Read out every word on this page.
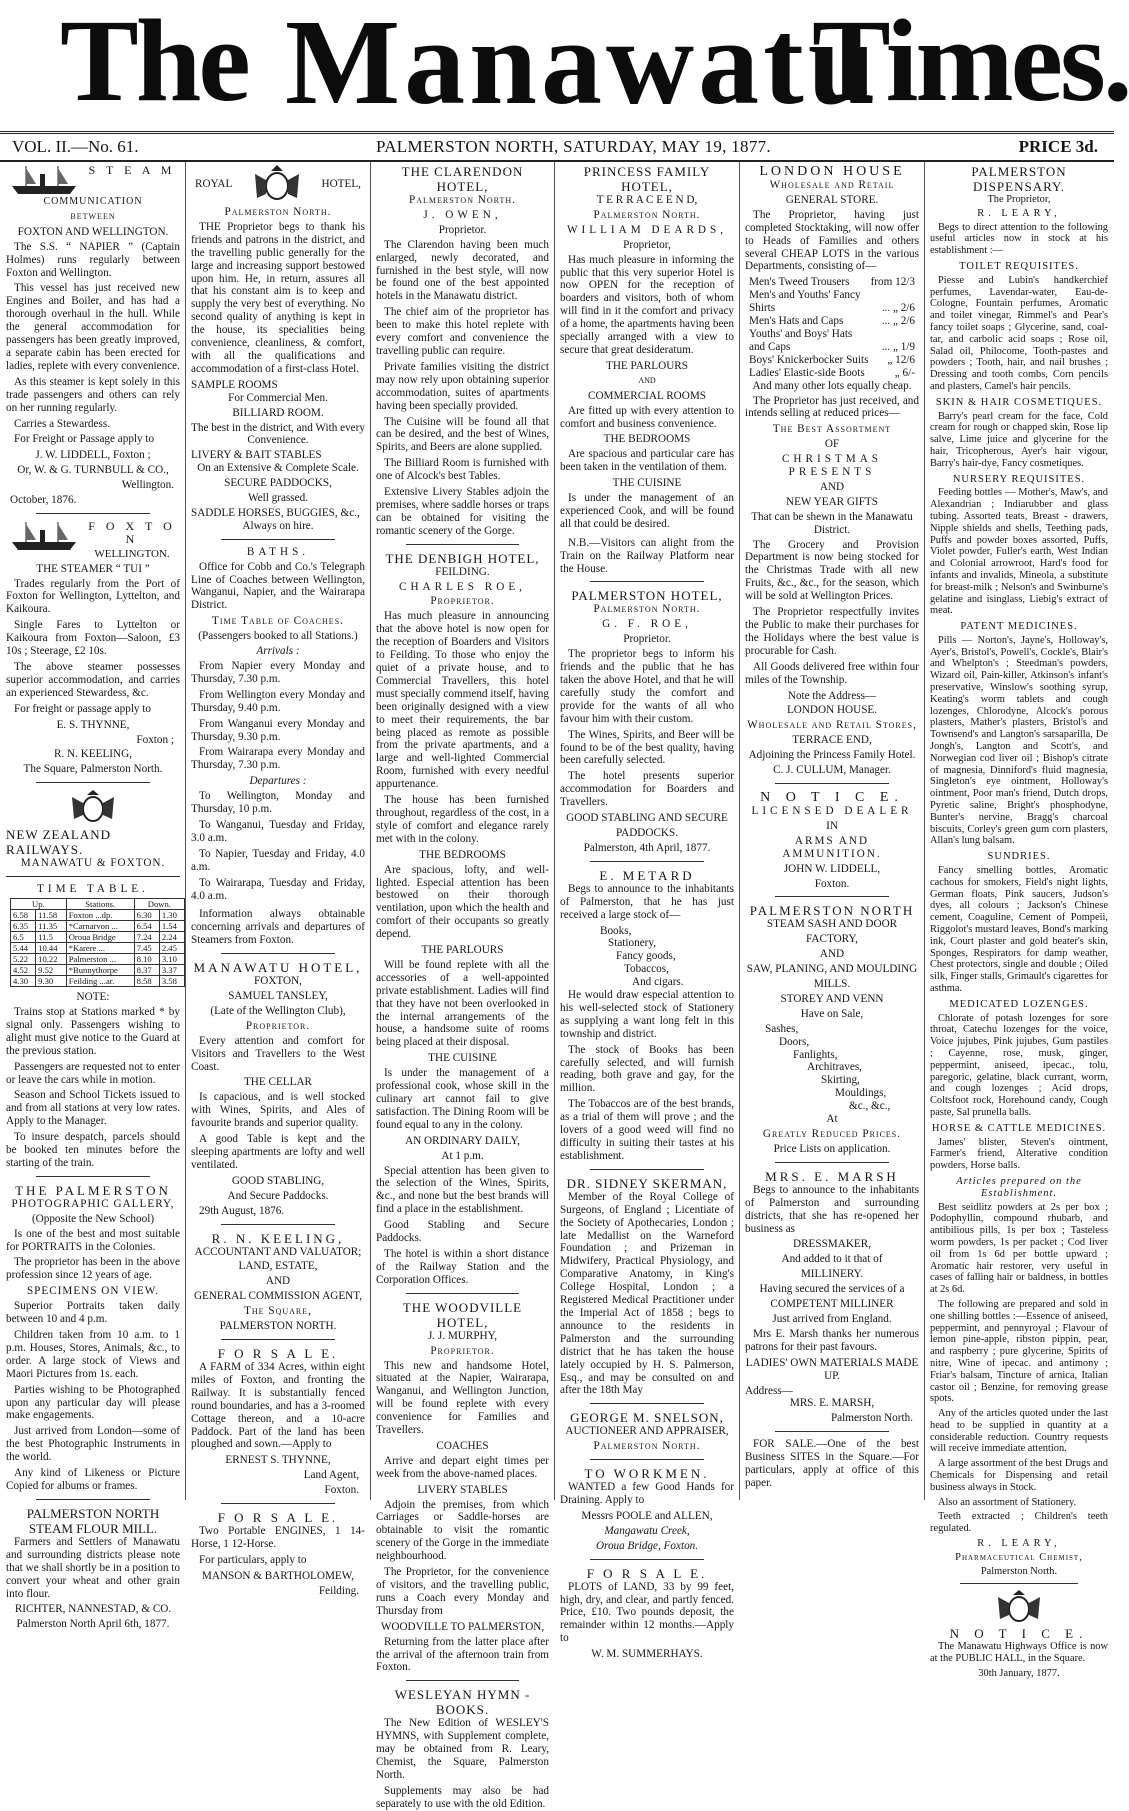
The Manawatu
Times.
VOL. II.—No. 61.	PALMERSTON NORTH, SATURDAY, MAY 19, 1877.	PRICE 3d.
S T E A M
COMMUNICATION
BETWEEN
FOXTON AND WELLINGTON.

The S.S. “ NAPIER ” (Captain Holmes) runs regularly between Foxton and Wellington.

This vessel has just received new Engines and Boiler, and has had a thorough overhaul in the hull. While the general accommodation for passengers has been greatly improved, a separate cabin has been erected for ladies, replete with every convenience.

As this steamer is kept solely in this trade passengers and others can rely on her running regularly.

Carries a Stewardess.

For Freight or Passage apply to

J. W. LIDDELL, Foxton ;
Or, W. & G. TURNBULL & CO.,
Wellington.
October, 1876.
F O X T O N
WELLINGTON.
THE STEAMER “ TUI ”

Trades regularly from the Port of Foxton for Wellington, Lyttelton, and Kaikoura.

Single Fares to Lyttelton or Kaikoura from Foxton—Saloon, £3 10s ; Steerage, £2 10s.

The above steamer possesses superior accommodation, and carries an experienced Stewardess, &c.

For freight or passage apply to

E. S. THYNNE,
Foxton ;
R. N. KEELING,
The Square, Palmerston North.
NEW ZEALAND RAILWAYS.
MANAWATU & FOXTON.
TIME TABLE.
Up.		Stations.	Down.	
6.58	11.58	Foxton ...dp.	6.30	1.30
6.35	11.35	*Carnarvon ...	6.54	1.54
6.5	11.5	Oroua Bridge	7.24	2.24
5.44	10.44	*Karere ...	7.45	2.45
5.22	10.22	Palmerston ...	8.10	3.10
4.52	9.52	*Bunnythorpe	8.37	3.37
4.30	9.30	Feilding ...ar.	8.58	3.58
NOTE:

Trains stop at Stations marked * by signal only. Passengers wishing to alight must give notice to the Guard at the previous station.

Passengers are requested not to enter or leave the cars while in motion.

Season and School Tickets issued to and from all stations at very low rates. Apply to the Manager.

To insure despatch, parcels should be booked ten minutes before the starting of the train.

THE PALMERSTON
PHOTOGRAPHIC GALLERY,
(Opposite the New School)

Is one of the best and most suitable for PORTRAITS in the Colonies.

The proprietor has been in the above profession since 12 years of age.

SPECIMENS ON VIEW.

Superior Portraits taken daily between 10 and 4 p.m.

Children taken from 10 a.m. to 1 p.m. Houses, Stores, Animals, &c., to order. A large stock of Views and Maori Pictures from 1s. each.

Parties wishing to be Photographed upon any particular day will please make engagements.

Just arrived from London—some of the best Photographic Instruments in the world.

Any kind of Likeness or Picture Copied for albums or frames.

PALMERSTON NORTH STEAM FLOUR MILL.

Farmers and Settlers of Manawatu and surrounding districts please note that we shall shortly be in a position to convert your wheat and other grain into flour.

RICHTER, NANNESTAD, & CO.
Palmerston North April 6th, 1877.
ROYAL	HOTEL,
Palmerston North.

THE Proprietor begs to thank his friends and patrons in the district, and the travelling public generally for the large and increasing support bestowed upon him. He, in return, assures all that his constant aim is to keep and supply the very best of everything. No second quality of anything is kept in the house, its specialities being convenience, cleanliness, & comfort, with all the qualifications and accommodation of a first-class Hotel.

SAMPLE ROOMS
For Commercial Men.
BILLIARD ROOM.
The best in the district, and With every Convenience.
LIVERY & BAIT STABLES
On an Extensive & Complete Scale.
SECURE PADDOCKS,
Well grassed.
SADDLE HORSES, BUGGIES, &c.,
Always on hire.
BATHS.

Office for Cobb and Co.'s Telegraph Line of Coaches between Wellington, Wanganui, Napier, and the Wairarapa District.

Time Table of Coaches.
(Passengers booked to all Stations.)
Arrivals :

From Napier every Monday and Thursday, 7.30 p.m.

From Wellington every Monday and Thursday, 9.40 p.m.

From Wanganui every Monday and Thursday, 9.30 p.m.

From Wairarapa every Monday and Thursday, 7.30 p.m.

Departures :

To Wellington, Monday and Thursday, 10 p.m.

To Wanganui, Tuesday and Friday, 3.0 a.m.

To Napier, Tuesday and Friday, 4.0 a.m.

To Wairarapa, Tuesday and Friday, 4.0 a.m.

Information always obtainable concerning arrivals and departures of Steamers from Foxton.

MANAWATU HOTEL,
FOXTON,
SAMUEL TANSLEY,
(Late of the Wellington Club),
Proprietor.

Every attention and comfort for Visitors and Travellers to the West Coast.

THE CELLAR

Is capacious, and is well stocked with Wines, Spirits, and Ales of favourite brands and superior quality.

A good Table is kept and the sleeping apartments are lofty and well ventilated.

GOOD STABLING,
And Secure Paddocks.
29th August, 1876.
R. N. KEELING,
ACCOUNTANT AND VALUATOR;
LAND, ESTATE,
AND
GENERAL COMMISSION AGENT,
The Square,
PALMERSTON NORTH.
F O R S A L E.

A FARM of 334 Acres, within eight miles of Foxton, and fronting the Railway. It is substantially fenced round boundaries, and has a 3-roomed Cottage thereon, and a 10-acre Paddock. Part of the land has been ploughed and sown.—Apply to

ERNEST S. THYNNE,
Land Agent,
Foxton.
F O R S A L E.

Two Portable ENGINES, 1 14-Horse, 1 12-Horse.

For particulars, apply to

MANSON & BARTHOLOMEW,
Feilding.
THE CLARENDON HOTEL,
Palmerston North.
J. OWEN,
Proprietor.

The Clarendon having been much enlarged, newly decorated, and furnished in the best style, will now be found one of the best appointed hotels in the Manawatu district.

The chief aim of the proprietor has been to make this hotel replete with every comfort and convenience the travelling public can require.

Private families visiting the district may now rely upon obtaining superior accommodation, suites of apartments having been specially provided.

The Cuisine will be found all that can be desired, and the best of Wines, Spirits, and Beers are alone supplied.

The Billiard Room is furnished with one of Alcock's best Tables.

Extensive Livery Stables adjoin the premises, where saddle horses or traps can be obtained for visiting the romantic scenery of the Gorge.

THE DENBIGH HOTEL,
FEILDING.
CHARLES ROE,
Proprietor.

Has much pleasure in announcing that the above hotel is now open for the reception of Boarders and Visitors to Feilding. To those who enjoy the quiet of a private house, and to Commercial Travellers, this hotel must specially commend itself, having been originally designed with a view to meet their requirements, the bar being placed as remote as possible from the private apartments, and a large and well-lighted Commercial Room, furnished with every needful appurtenance.

The house has been furnished throughout, regardless of the cost, in a style of comfort and elegance rarely met with in the colony.

THE BEDROOMS

Are spacious, lofty, and well-lighted. Especial attention has been bestowed on their thorough ventilation, upon which the health and comfort of their occupants so greatly depend.

THE PARLOURS

Will be found replete with all the accessories of a well-appointed private establishment. Ladies will find that they have not been overlooked in the internal arrangements of the house, a handsome suite of rooms being placed at their disposal.

THE CUISINE

Is under the management of a professional cook, whose skill in the culinary art cannot fail to give satisfaction. The Dining Room will be found equal to any in the colony.

AN ORDINARY DAILY,
At 1 p.m.

Special attention has been given to the selection of the Wines, Spirits, &c., and none but the best brands will find a place in the establishment.

Good Stabling and Secure Paddocks.

The hotel is within a short distance of the Railway Station and the Corporation Offices.

THE WOODVILLE HOTEL,
J. J. MURPHY,
Proprietor.

This new and handsome Hotel, situated at the Napier, Wairarapa, Wanganui, and Wellington Junction, will be found replete with every convenience for Families and Travellers.

COACHES

Arrive and depart eight times per week from the above-named places.

LIVERY STABLES

Adjoin the premises, from which Carriages or Saddle-horses are obtainable to visit the romantic scenery of the Gorge in the immediate neighbourhood.

The Proprietor, for the convenience of visitors, and the travelling public, runs a Coach every Monday and Thursday from

WOODVILLE TO PALMERSTON,

Returning from the latter place after the arrival of the afternoon train from Foxton.

WESLEYAN HYMN - BOOKS.

The New Edition of WESLEY'S HYMNS, with Supplement complete, may be obtained from R. Leary, Chemist, the Square, Palmerston North.

Supplements may also be had separately to use with the old Edition.

PRINCESS FAMILY HOTEL,
T E R R A C E E N D,
Palmerston North.
WILLIAM DEARDS,
Proprietor,

Has much pleasure in informing the public that this very superior Hotel is now OPEN for the reception of boarders and visitors, both of whom will find in it the comfort and privacy of a home, the apartments having been specially arranged with a view to secure that great desideratum.

THE PARLOURS
AND
COMMERCIAL ROOMS

Are fitted up with every attention to comfort and business convenience.

THE BEDROOMS

Are spacious and particular care has been taken in the ventilation of them.

THE CUISINE

Is under the management of an experienced Cook, and will be found all that could be desired.

N.B.—Visitors can alight from the Train on the Railway Platform near the House.

PALMERSTON HOTEL,
Palmerston North.
G. F. ROE,
Proprietor.

The proprietor begs to inform his friends and the public that he has taken the above Hotel, and that he will carefully study the comfort and provide for the wants of all who favour him with their custom.

The Wines, Spirits, and Beer will be found to be of the best quality, having been carefully selected.

The hotel presents superior accommodation for Boarders and Travellers.

GOOD STABLING AND SECURE
PADDOCKS.
Palmerston, 4th April, 1877.
E. METARD

Begs to announce to the inhabitants of Palmerston, that he has just received a large stock of—

Books,
Stationery,
Fancy goods,
Tobaccos,
And cigars.

He would draw especial attention to his well-selected stock of Stationery as supplying a want long felt in this township and district.

The stock of Books has been carefully selected, and will furnish reading, both grave and gay, for the million.

The Tobaccos are of the best brands, as a trial of them will prove ; and the lovers of a good weed will find no difficulty in suiting their tastes at his establishment.

DR. SIDNEY SKERMAN,

Member of the Royal College of Surgeons, of England ; Licentiate of the Society of Apothecaries, London ; late Medallist on the Warneford Foundation ; and Prizeman in Midwifery, Practical Physiology, and Comparative Anatomy, in King's College Hospital, London ; a Registered Medical Practitioner under the Imperial Act of 1858 ; begs to announce to the residents in Palmerston and the surrounding district that he has taken the house lately occupied by H. S. Palmerson, Esq., and may be consulted on and after the 18th May

GEORGE M. SNELSON,
AUCTIONEER AND APPRAISER,
Palmerston North.
TO WORKMEN.

WANTED a few Good Hands for Draining. Apply to

Messrs POOLE and ALLEN,
Mangawatu Creek,
Oroua Bridge, Foxton.
F O R S A L E.

PLOTS of LAND, 33 by 99 feet, high, dry, and clear, and partly fenced. Price, £10. Two pounds deposit, the remainder within 12 months.—Apply to

W. M. SUMMERHAYS.
LONDON HOUSE
Wholesale and Retail
GENERAL STORE.

The Proprietor, having just completed Stocktaking, will now offer to Heads of Families and others several CHEAP LOTS in the various Departments, consisting of—

Men's Tweed Trousers from 12/3
Men's and Youths' Fancy
Shirts	... „ 2/6
Men's Hats and Caps	... „ 2/6
Youths' and Boys' Hats
and Caps	... „ 1/9
Boys' Knickerbocker Suits „ 12/6
Ladies' Elastic-side Boots	„ 6/-
And many other lots equally cheap.

The Proprietor has just received, and intends selling at reduced prices—

The Best Assortment
OF
CHRISTMAS PRESENTS
AND
NEW YEAR GIFTS
That can be shewn in the Manawatu District.

The Grocery and Provision Department is now being stocked for the Christmas Trade with all new Fruits, &c., &c., for the season, which will be sold at Wellington Prices.

The Proprietor respectfully invites the Public to make their purchases for the Holidays where the best value is procurable for Cash.

All Goods delivered free within four miles of the Township.

Note the Address—
LONDON HOUSE.
Wholesale and Retail Stores,
TERRACE END,
Adjoining the Princess Family Hotel.
C. J. CULLUM, Manager.
N O T I C E.
LICENSED DEALER
IN
ARMS AND AMMUNITION.
JOHN W. LIDDELL,
Foxton.
PALMERSTON NORTH
STEAM SASH AND DOOR
FACTORY,
AND
SAW, PLANING, AND MOULDING
MILLS.
STOREY AND VENN
Have on Sale,
Sashes,
Doors,
Fanlights,
Architraves,
Skirting,
Mouldings,
&c., &c.,
At
Greatly Reduced Prices.
Price Lists on application.
MRS. E. MARSH

Begs to announce to the inhabitants of Palmerston and surrounding districts, that she has re-opened her business as

DRESSMAKER,
And added to it that of
MILLINERY.
Having secured the services of a
COMPETENT MILLINER
Just arrived from England.

Mrs E. Marsh thanks her numerous patrons for their past favours.

LADIES' OWN MATERIALS MADE UP.
Address—
MRS. E. MARSH,
Palmerston North.

FOR SALE.—One of the best Business SITES in the Square.—For particulars, apply at office of this paper.

PALMERSTON DISPENSARY.
The Proprietor,
R. LEARY,

Begs to direct attention to the following useful articles now in stock at his establishment :—

TOILET REQUISITES.

Piesse and Lubin's handkerchief perfumes, Lavendar-water, Eau-de-Cologne, Fountain perfumes, Aromatic and toilet vinegar, Rimmel's and Pear's fancy toilet soaps ; Glycerine, sand, coal-tar, and carbolic acid soaps ; Rose oil, Salad oil, Philocome, Tooth-pastes and powders ; Tooth, hair, and nail brushes ; Dressing and tooth combs, Corn pencils and plasters, Camel's hair pencils.

SKIN & HAIR COSMETIQUES.

Barry's pearl cream for the face, Cold cream for rough or chapped skin, Rose lip salve, Lime juice and glycerine for the hair, Tricopherous, Ayer's hair vigour, Barry's hair-dye, Fancy cosmetiques.

NURSERY REQUISITES.

Feeding bottles — Mother's, Maw's, and Alexandrian ; Indiarubber and glass tubing. Assorted teats, Breast - drawers, Nipple shields and shells, Teething pads, Puffs and powder boxes assorted, Puffs, Violet powder, Fuller's earth, West Indian and Colonial arrowroot, Hard's food for infants and invalids, Mineola, a substitute for breast-milk ; Nelson's and Swinburne's gelatine and isinglass, Liebig's extract of meat.

PATENT MEDICINES.

Pills — Norton's, Jayne's, Holloway's, Ayer's, Bristol's, Powell's, Cockle's, Blair's and Whelpton's ; Steedman's powders, Wizard oil, Pain-killer, Atkinson's infant's preservative, Winslow's soothing syrup, Keating's worm tablets and cough lozenges, Chlorodyne, Alcock's porous plasters, Mather's plasters, Bristol's and Townsend's and Langton's sarsaparilla, De Jongh's, Langton and Scott's, and Norwegian cod liver oil ; Bishop's citrate of magnesia, Dinniford's fluid magnesia, Singleton's eye ointment, Holloway's ointment, Poor man's friend, Dutch drops, Pyretic saline, Bright's phosphodyne, Bunter's nervine, Bragg's charcoal biscuits, Corley's green gum corn plasters, Allan's lung balsam.

SUNDRIES.

Fancy smelling bottles, Aromatic cachous for smokers, Field's night lights, German floats, Pink saucers, Judson's dyes, all colours ; Jackson's Chinese cement, Coaguline, Cement of Pompeii, Riggolot's mustard leaves, Bond's marking ink, Court plaster and gold beater's skin, Sponges, Respirators for damp weather, Chest protectors, single and double ; Oiled silk, Finger stalls, Grimault's cigarettes for asthma.

MEDICATED LOZENGES.

Chlorate of potash lozenges for sore throat, Catechu lozenges for the voice, Voice jujubes, Pink jujubes, Gum pastiles ; Cayenne, rose, musk, ginger, peppermint, aniseed, ipecac., tolu, paregoric, gelatine, black currant, worm, and cough lozenges ; Acid drops, Coltsfoot rock, Horehound candy, Cough paste, Sal prunella balls.

HORSE & CATTLE MEDICINES.

James' blister, Steven's ointment, Farmer's friend, Alterative condition powders, Horse balls.

Articles prepared on the Establishment.

Best seidlitz powders at 2s per box ; Podophyllin, compound rhubarb, and antibilious pills, 1s per box ; Tasteless worm powders, 1s per packet ; Cod liver oil from 1s 6d per bottle upward ; Aromatic hair restorer, very useful in cases of falling hair or baldness, in bottles at 2s 6d.

The following are prepared and sold in one shilling bottles :—Essence of aniseed, peppermint, and pennyroyal ; Flavour of lemon pine-apple, ribston pippin, pear, and raspberry ; pure glycerine, Spirits of nitre, Wine of ipecac. and antimony ; Friar's balsam, Tincture of arnica, Italian castor oil ; Benzine, for removing grease spots.

Any of the articles quoted under the last head to be supplied in quantity at a considerable reduction. Country requests will receive immediate attention.

A large assortment of the best Drugs and Chemicals for Dispensing and retail business always in Stock.

Also an assortment of Stationery.

Teeth extracted ; Children's teeth regulated.

R. LEARY,
Pharmaceutical Chemist,
Palmerston North.
N O T I C E.

The Manawatu Highways Office is now at the PUBLIC HALL, in the Square.

30th January, 1877.
